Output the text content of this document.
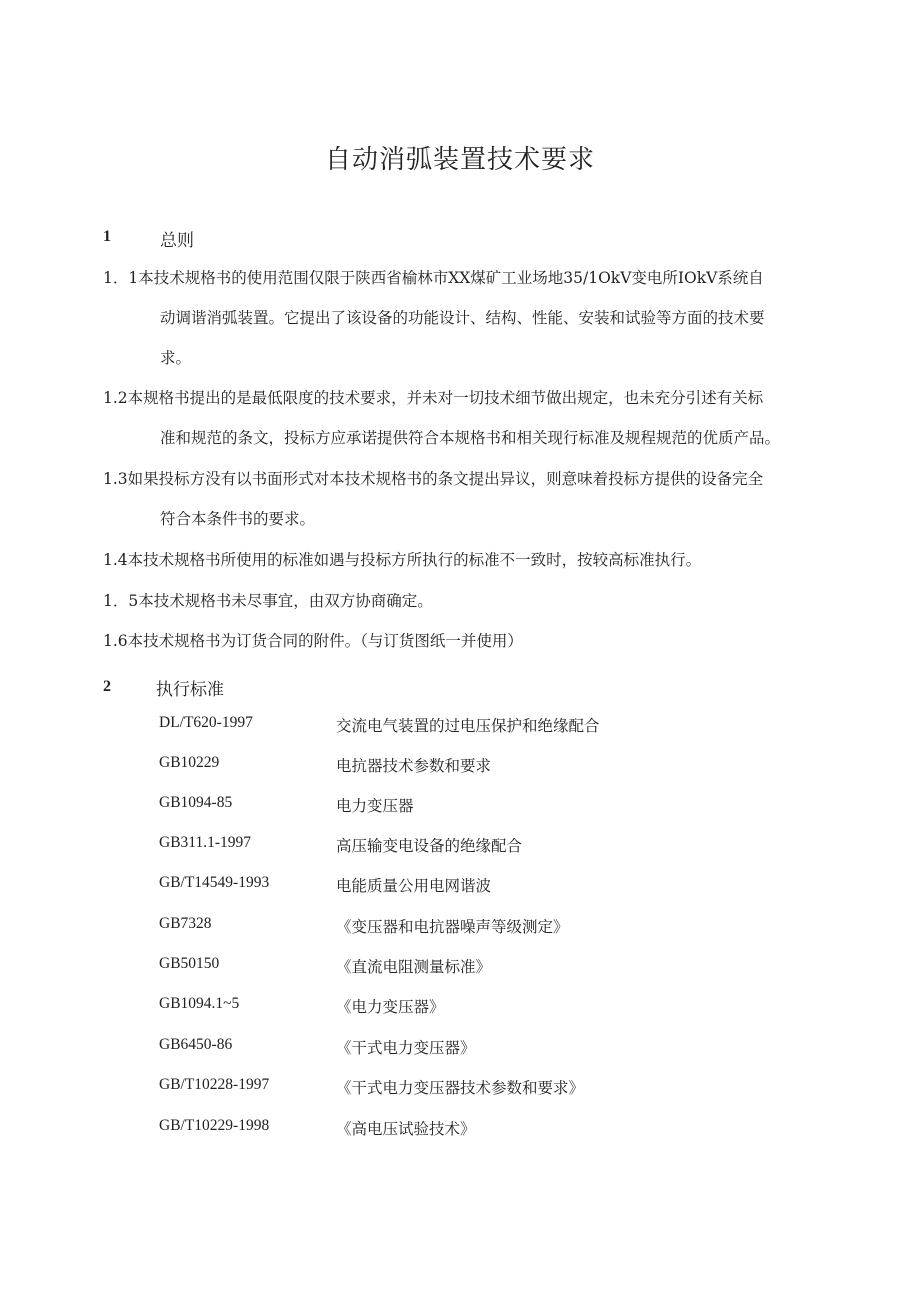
自动消弧装置技术要求
1	总则
1．1本技术规格书的使用范围仅限于陕西省榆林市XX煤矿工业场地35/1OkV变电所IOkV系统自
动调谐消弧装置。它提出了该设备的功能设计、结构、性能、安装和试验等方面的技术要
求。
1.2本规格书提出的是最低限度的技术要求，并未对一切技术细节做出规定，也未充分引述有关标
准和规范的条文，投标方应承诺提供符合本规格书和相关现行标准及规程规范的优质产品。
1.3如果投标方没有以书面形式对本技术规格书的条文提出异议，则意味着投标方提供的设备完全
符合本条件书的要求。
1.4本技术规格书所使用的标准如遇与投标方所执行的标准不一致时，按较高标准执行。
1．5本技术规格书未尽事宜，由双方协商确定。
1.6本技术规格书为订货合同的附件。（与订货图纸一并使用）
2	执行标准
DL/T620-1997	交流电气装置的过电压保护和绝缘配合
GB10229	电抗器技术参数和要求
GB1094-85	电力变压器
GB311.1-1997	高压输变电设备的绝缘配合
GB/T14549-1993	电能质量公用电网谐波
GB7328	《变压器和电抗器噪声等级测定》
GB50150	《直流电阻测量标准》
GB1094.1~5	《电力变压器》
GB6450-86	《干式电力变压器》
GB/T10228-1997	《干式电力变压器技术参数和要求》
GB/T10229-1998	《高电压试验技术》
